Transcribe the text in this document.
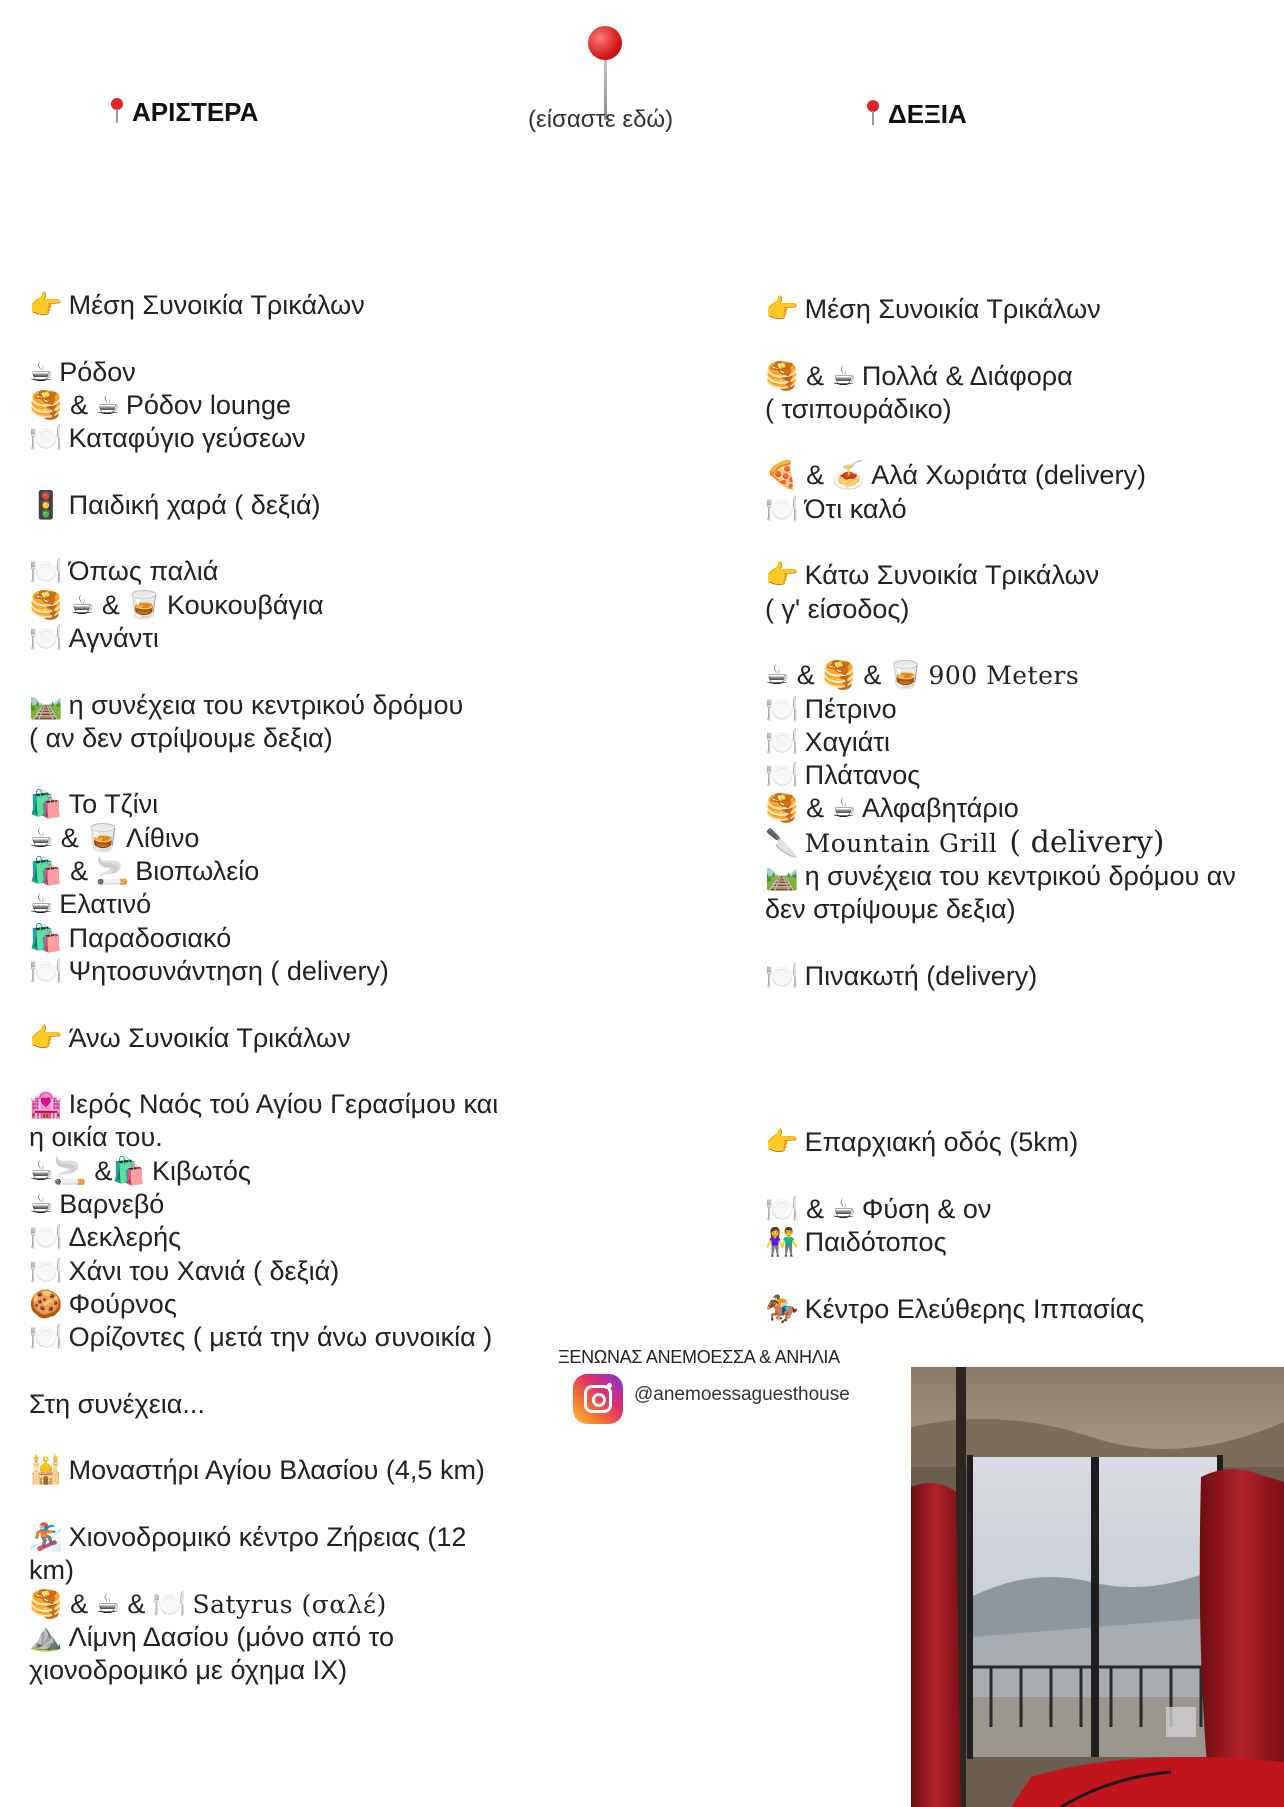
ΑΡΙΣΤΕΡΑ	(είσαστε εδώ)	ΔΕΞΙΑ
👉 Μέση Συνοικία Τρικάλων
☕ Ρόδον
🥞 & ☕ Ρόδον lounge
🍽️ Καταφύγιο γεύσεων
🚦 Παιδική χαρά ( δεξιά)
🍽️ Όπως παλιά
🥞 ☕ & 🥃 Κουκουβάγια
🍽️ Αγνάντι
🛤️ η συνέχεια του κεντρικού δρόμου
( αν δεν στρίψουμε δεξια)
🛍️ Το Τζίνι
☕ & 🥃 Λίθινο
🛍️ & 🚬 Βιοπωλείο
☕ Ελατινό
🛍️ Παραδοσιακό
🍽️ Ψητοσυνάντηση ( delivery)
👉 Άνω Συνοικία Τρικάλων
🏩 Ιερός Ναός τού Αγίου Γερασίμου και
η οικία του.
☕🚬 &🛍️ Κιβωτός
☕ Βαρνεβό
🍽️ Δεκλερής
🍽️ Χάνι του Χανιά ( δεξιά)
🍪 Φούρνος
🍽️ Ορίζοντες ( μετά την άνω συνοικία )
Στη συνέχεια...
🕌 Μοναστήρι Αγίου Βλασίου (4,5 km)
🏂 Χιονοδρομικό κέντρο Ζήρειας (12
km)
🥞 & ☕ & 🍽️ Satyrus (σαλέ)
⛰️ Λίμνη Δασίου (μόνο από το
χιονοδρομικό με όχημα ΙΧ)
👉 Μέση Συνοικία Τρικάλων
🥞 & ☕ Πολλά & Διάφορα
( τσιπουράδικο)
🍕 & 🍝 Αλά Χωριάτα (delivery)
🍽️ Ότι καλό
👉 Κάτω Συνοικία Τρικάλων
( γ' είσοδος)
☕ & 🥞 & 🥃 900 Meters
🍽️ Πέτρινο
🍽️ Χαγιάτι
🍽️ Πλάτανος
🥞 & ☕ Αλφαβητάριο
🔪 Mountain Grill ( delivery)
🛤️ η συνέχεια του κεντρικού δρόμου αν
δεν στρίψουμε δεξια)
🍽️ Πινακωτή (delivery)
👉 Επαρχιακή οδός (5km)
🍽️ & ☕ Φύση & ον
👫 Παιδότοπος
🏇 Κέντρο Ελεύθερης Ιππασίας
ΞΕΝΩΝΑΣ ΑΝΕΜΟΕΣΣΑ & ΑΝΗΛΙΑ
@anemoessaguesthouse
